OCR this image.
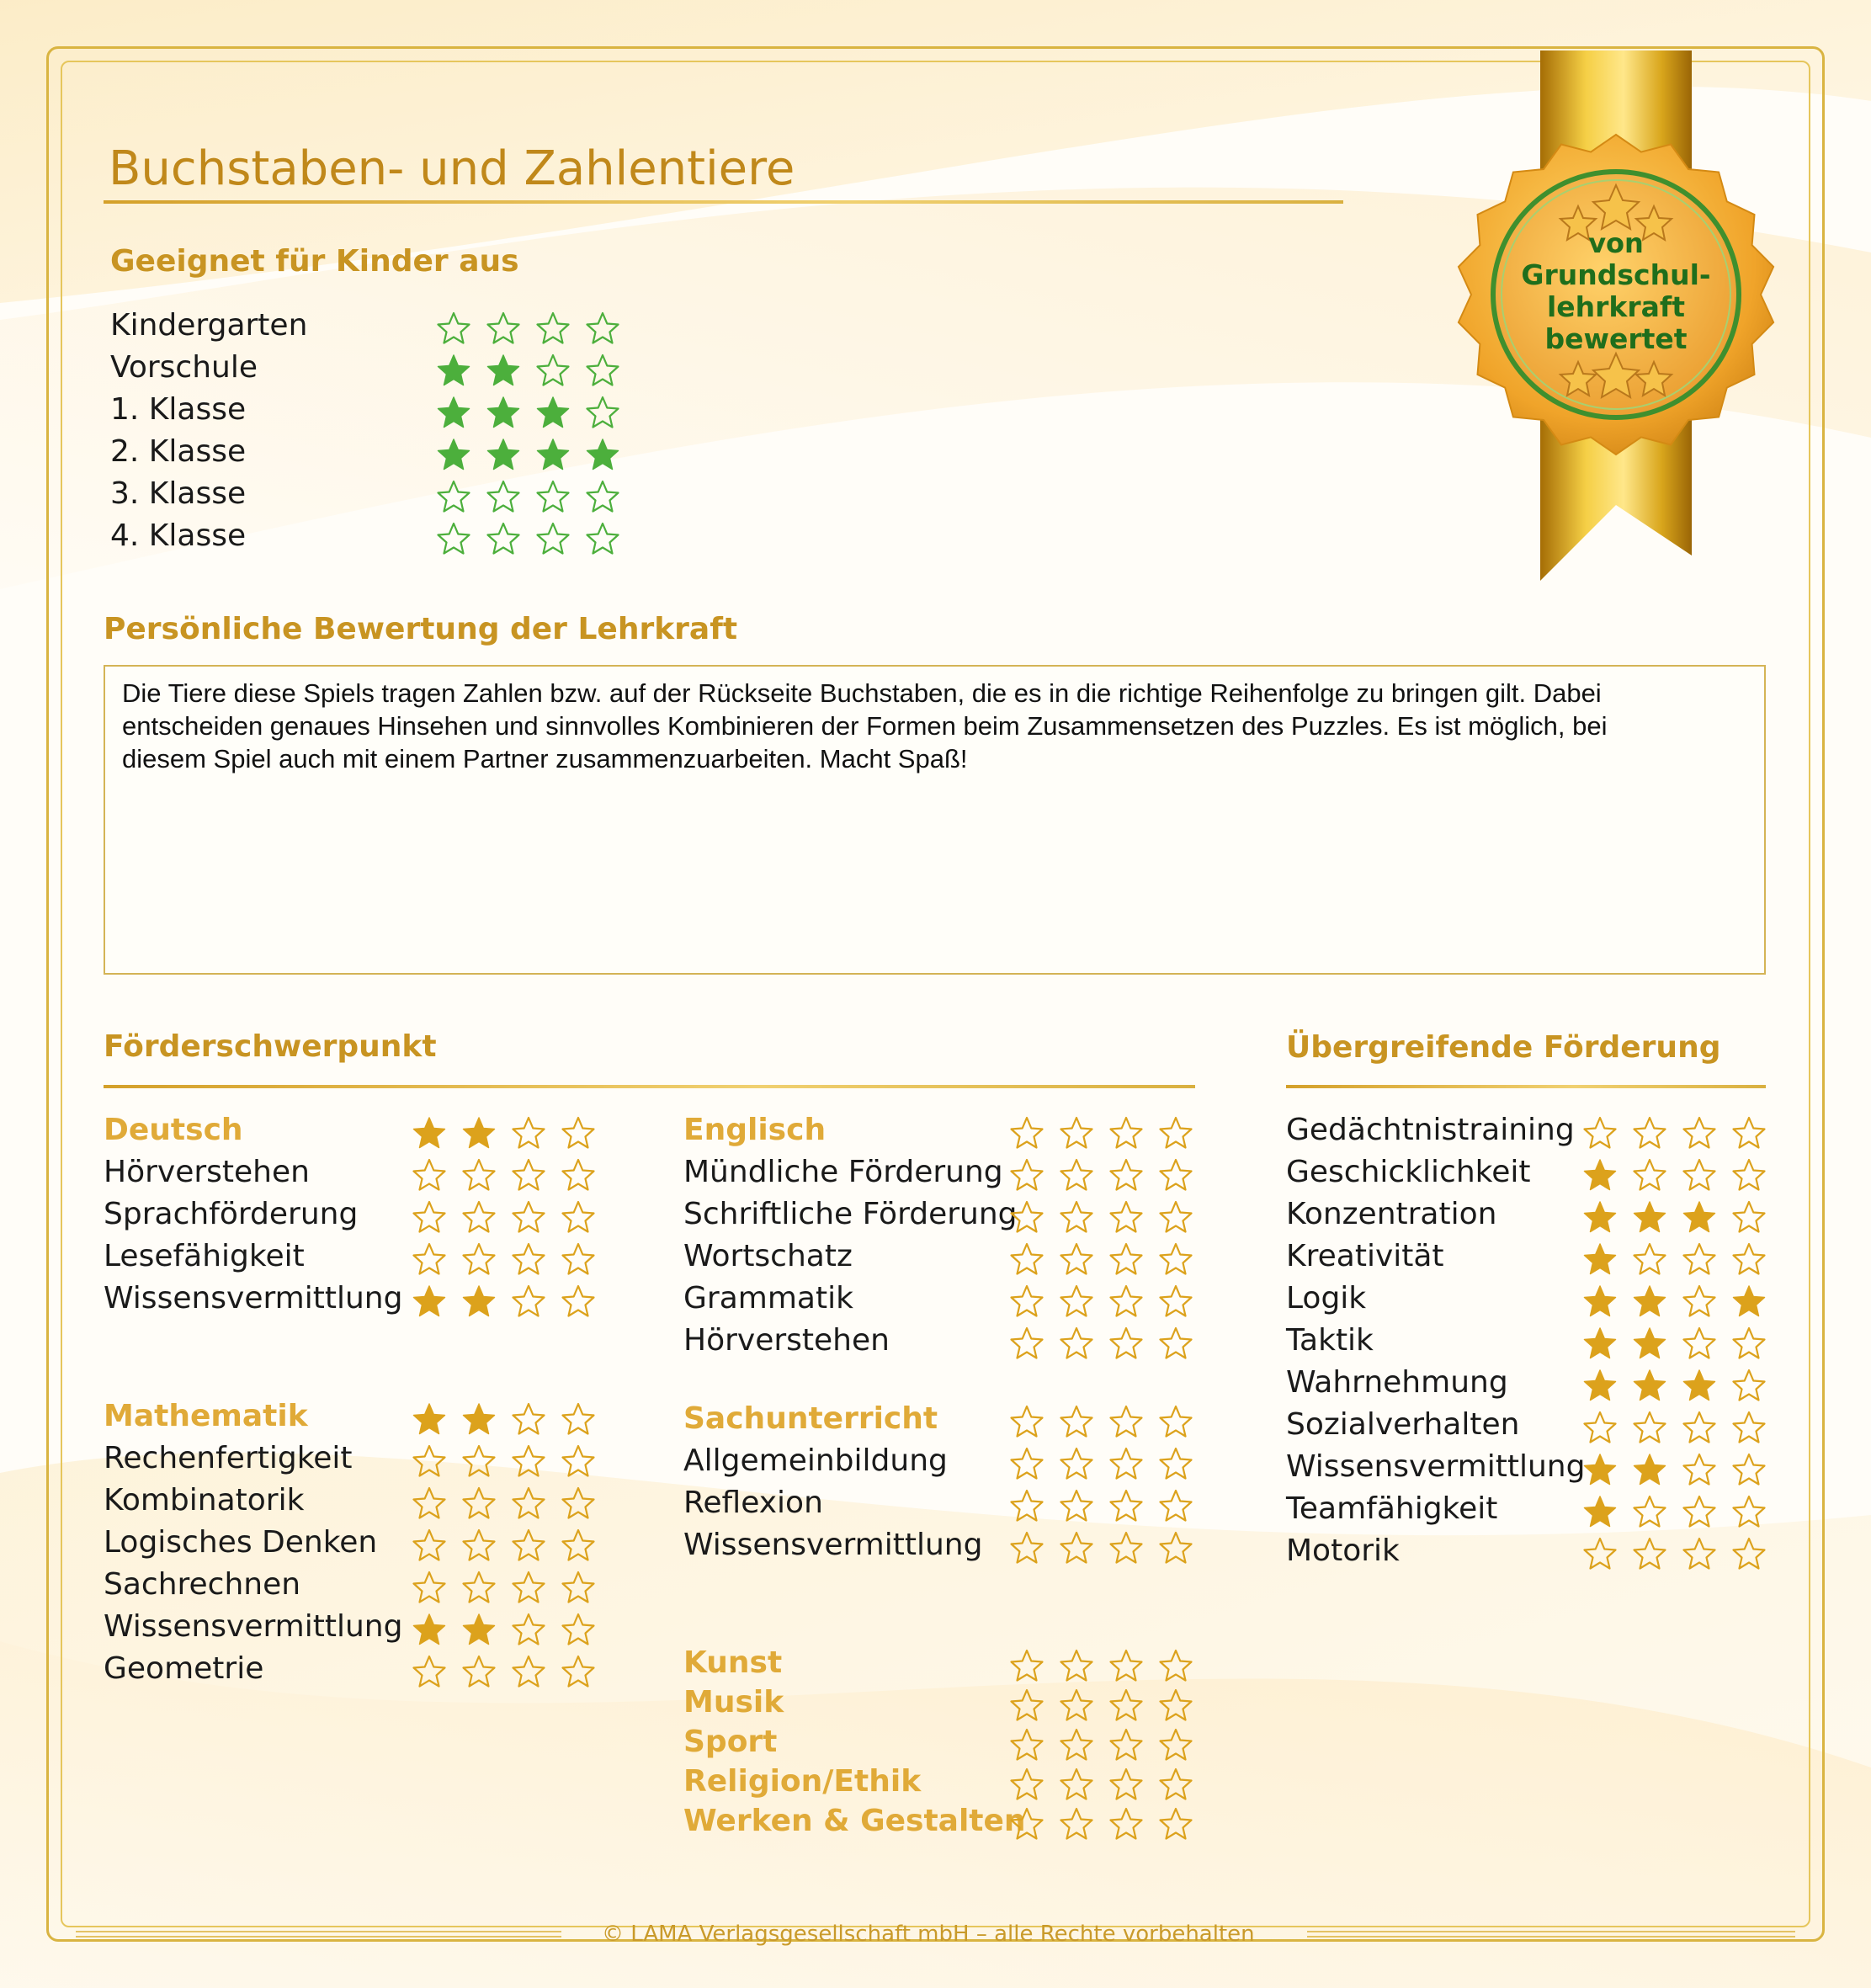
Buchstaben- und Zahlentiere
von
Grundschul-
lehrkraft
bewertet
Geeignet für Kinder aus
Kindergarten
Vorschule
1. Klasse
2. Klasse
3. Klasse
4. Klasse
Persönliche Bewertung der Lehrkraft
Die Tiere diese Spiels tragen Zahlen bzw. auf der Rückseite Buchstaben, die es in die richtige Reihenfolge zu bringen gilt. Dabei
entscheiden genaues Hinsehen und sinnvolles Kombinieren der Formen beim Zusammensetzen des Puzzles. Es ist möglich, bei
diesem Spiel auch mit einem Partner zusammenzuarbeiten. Macht Spaß!
Förderschwerpunkt	Übergreifende Förderung
Deutsch
Hörverstehen
Sprachförderung
Lesefähigkeit
Wissensvermittlung
Mathematik
Rechenfertigkeit
Kombinatorik
Logisches Denken
Sachrechnen
Wissensvermittlung
Geometrie
Englisch
Mündliche Förderung
Schriftliche Förderung
Wortschatz
Grammatik
Hörverstehen
Sachunterricht
Allgemeinbildung
Reflexion
Wissensvermittlung
Kunst
Musik
Sport
Religion/Ethik
Werken & Gestalten
Gedächtnistraining
Geschicklichkeit
Konzentration
Kreativität
Logik
Taktik
Wahrnehmung
Sozialverhalten
Wissensvermittlung
Teamfähigkeit
Motorik
© LAMA Verlagsgesellschaft mbH – alle Rechte vorbehalten
